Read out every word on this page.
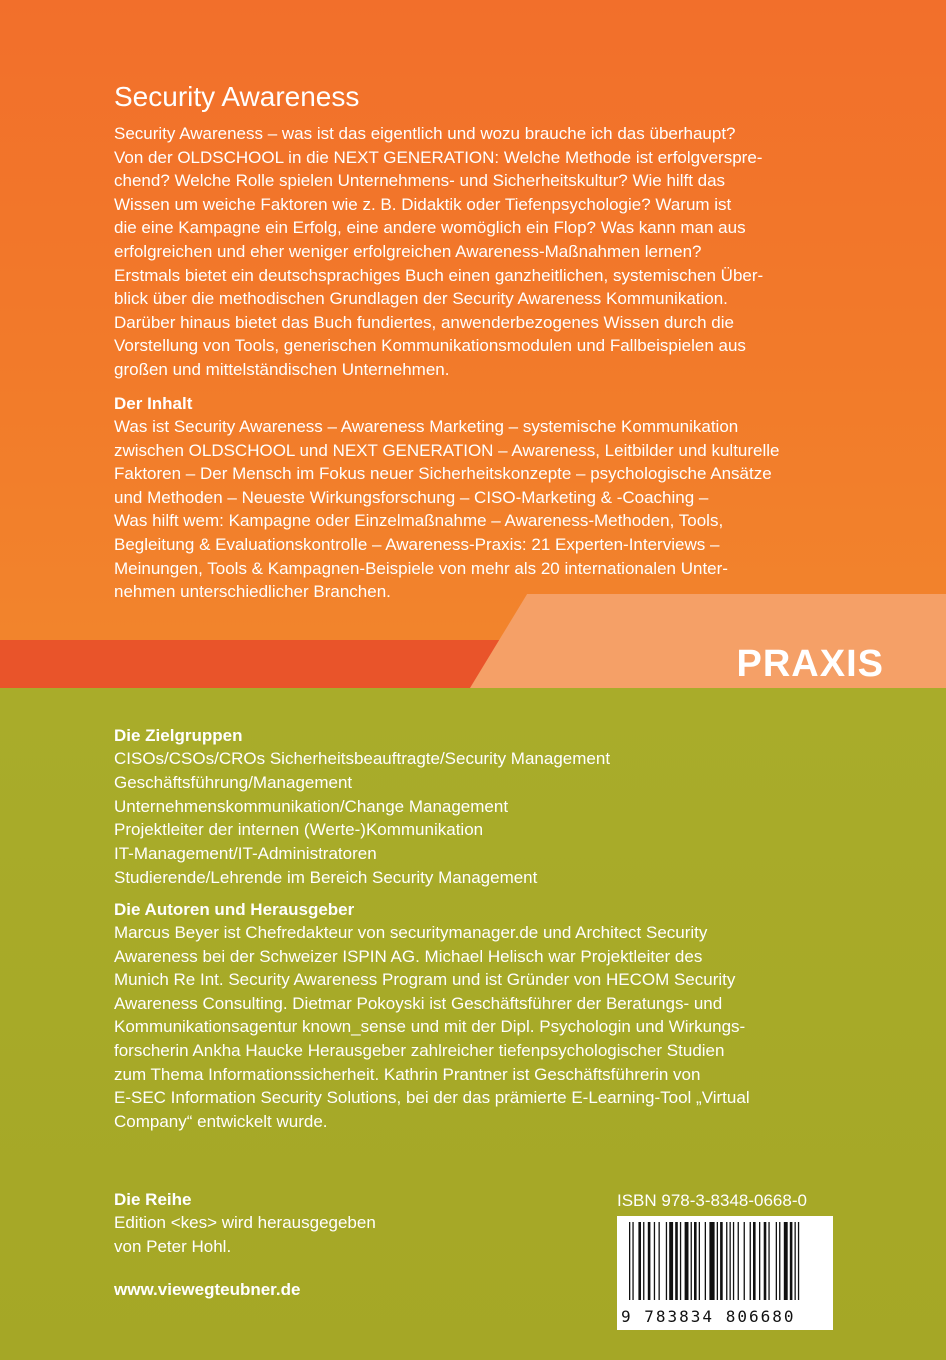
PRAXIS
Security Awareness

Security Awareness – was ist das eigentlich und wozu brauche ich das überhaupt?
Von der OLDSCHOOL in die NEXT GENERATION: Welche Methode ist erfolgverspre-
chend? Welche Rolle spielen Unternehmens- und Sicherheitskultur? Wie hilft das
Wissen um weiche Faktoren wie z. B. Didaktik oder Tiefenpsychologie? Warum ist
die eine Kampagne ein Erfolg, eine andere womöglich ein Flop? Was kann man aus
erfolgreichen und eher weniger erfolgreichen Awareness-Maßnahmen lernen?
Erstmals bietet ein deutschsprachiges Buch einen ganzheitlichen, systemischen Über-
blick über die methodischen Grundlagen der Security Awareness Kommunikation.
Darüber hinaus bietet das Buch fundiertes, anwenderbezogenes Wissen durch die
Vorstellung von Tools, generischen Kommunikationsmodulen und Fallbeispielen aus
großen und mittelständischen Unternehmen.

Der Inhalt

Was ist Security Awareness – Awareness Marketing – systemische Kommunikation
zwischen OLDSCHOOL und NEXT GENERATION – Awareness, Leitbilder und kulturelle
Faktoren – Der Mensch im Fokus neuer Sicherheitskonzepte – psychologische Ansätze
und Methoden – Neueste Wirkungsforschung – CISO-Marketing & -Coaching –
Was hilft wem: Kampagne oder Einzelmaßnahme – Awareness-Methoden, Tools,
Begleitung & Evaluationskontrolle – Awareness-Praxis: 21 Experten-Interviews –
Meinungen, Tools & Kampagnen-Beispiele von mehr als 20 internationalen Unter-
nehmen unterschiedlicher Branchen.

Die Zielgruppen

CISOs/CSOs/CROs Sicherheitsbeauftragte/Security Management
Geschäftsführung/Management
Unternehmenskommunikation/Change Management
Projektleiter der internen (Werte-)Kommunikation
IT-Management/IT-Administratoren
Studierende/Lehrende im Bereich Security Management

Die Autoren und Herausgeber

Marcus Beyer ist Chefredakteur von securitymanager.de und Architect Security
Awareness bei der Schweizer ISPIN AG. Michael Helisch war Projektleiter des
Munich Re Int. Security Awareness Program und ist Gründer von HECOM Security
Awareness Consulting. Dietmar Pokoyski ist Geschäftsführer der Beratungs- und
Kommunikationsagentur known_sense und mit der Dipl. Psychologin und Wirkungs-
forscherin Ankha Haucke Herausgeber zahlreicher tiefenpsychologischer Studien
zum Thema Informationssicherheit. Kathrin Prantner ist Geschäftsführerin von
E-SEC Information Security Solutions, bei der das prämierte E-Learning-Tool „Virtual
Company“ entwickelt wurde.

Die Reihe

Edition <kes> wird herausgegeben
von Peter Hohl.

www.viewegteubner.de
ISBN 978-3-8348-0668-0
9 783834 806680
